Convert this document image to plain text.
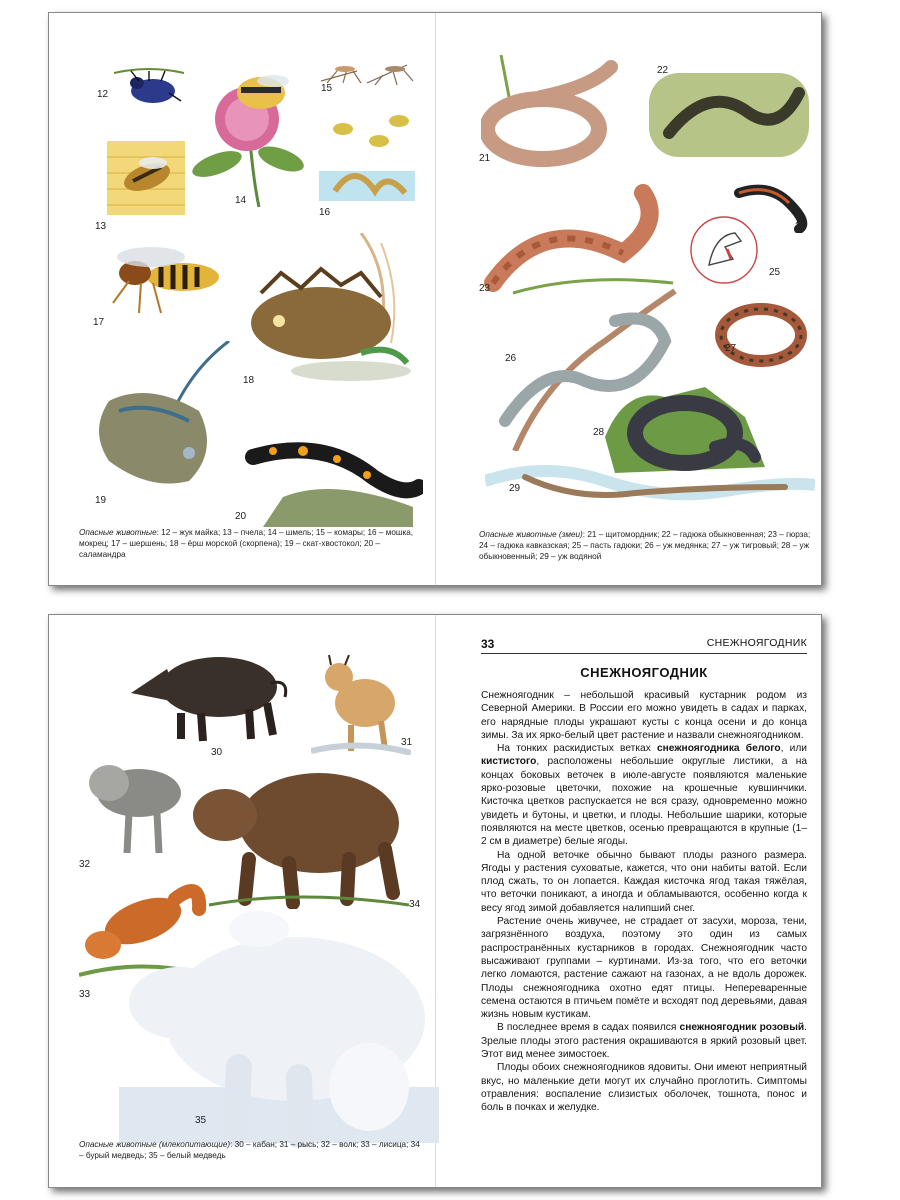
12
13
14
15
16
17
18
19
20
Опасные животные: 12 – жук майка; 13 – пчела; 14 – шмель; 15 – комары; 16 – мошка, мокрец; 17 – шершень; 18 – ёрш морской (скорпена); 19 – скат-хвостокол; 20 – саламандра
21
22
23
24
25
26
27
28
29
Опасные животные (змеи): 21 – щитомордник; 22 – гадюка обыкновенная; 23 – гюрза; 24 – гадюка кавказская; 25 – пасть гадюки; 26 – уж медянка; 27 – уж тигровый; 28 – уж обыкновенный; 29 – уж водяной
30
31
32
33
34
35
Опасные животные (млекопитающие): 30 – кабан; 31 – рысь; 32 – волк; 33 – лисица; 34 – бурый медведь; 35 – белый медведь
33	СНЕЖНОЯГОДНИК
СНЕЖНОЯГОДНИК

Снежноягодник – небольшой красивый кустарник родом из Северной Америки. В России его можно увидеть в садах и парках, его нарядные плоды украшают кусты с конца осени и до конца зимы. За их ярко-белый цвет растение и назвали снежноягодником.

На тонких раскидистых ветках снежноягодника белого, или кистистого, расположены небольшие округлые листики, а на концах боковых веточек в июле-августе появляются маленькие ярко-розовые цветочки, похожие на крошечные кувшинчики. Кисточка цветков распускается не вся сразу, одновременно можно увидеть и бутоны, и цветки, и плоды. Небольшие шарики, которые появляются на месте цветков, осенью превращаются в крупные (1–2 см в диаметре) белые ягоды.

На одной веточке обычно бывают плоды разного размера. Ягоды у растения суховатые, кажется, что они набиты ватой. Если плод сжать, то он лопается. Каждая кисточка ягод такая тяжёлая, что веточки поникают, а иногда и обламываются, особенно когда к весу ягод зимой добавляется налипший снег.

Растение очень живучее, не страдает от засухи, мороза, тени, загрязнённого воздуха, поэтому это один из самых распространённых кустарников в городах. Снежноягодник часто высаживают группами – куртинами. Из-за того, что его веточки легко ломаются, растение сажают на газонах, а не вдоль дорожек. Плоды снежноягодника охотно едят птицы. Непереваренные семена остаются в птичьем помёте и всходят под деревьями, давая жизнь новым кустикам.

В последнее время в садах появился снежноягодник розовый. Зрелые плоды этого растения окрашиваются в яркий розовый цвет. Этот вид менее зимостоек.

Плоды обоих снежноягодников ядовиты. Они имеют неприятный вкус, но маленькие дети могут их случайно проглотить. Симптомы отравления: воспаление слизистых оболочек, тошнота, понос и боль в почках и желудке.
